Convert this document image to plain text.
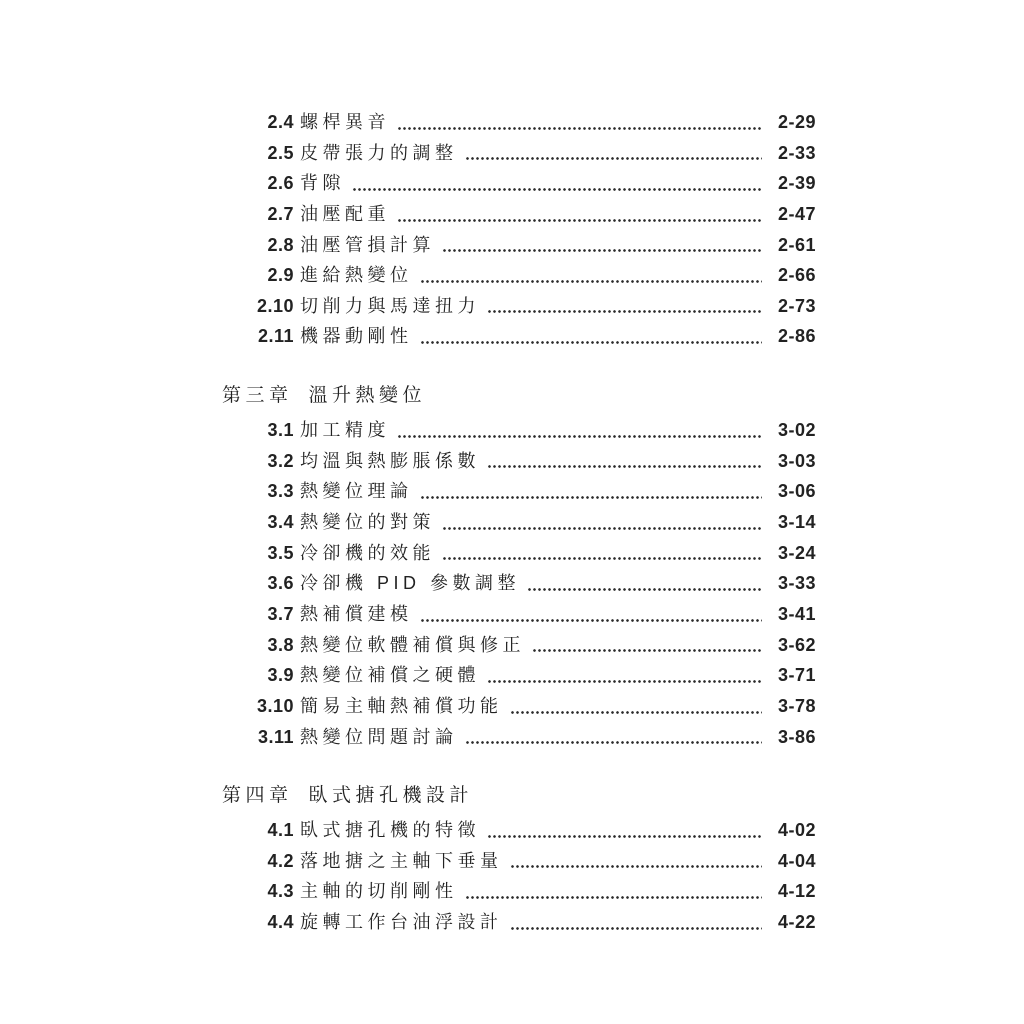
2.4 螺桿異音	2-29
2.5 皮帶張力的調整	2-33
2.6 背隙	2-39
2.7 油壓配重	2-47
2.8 油壓管損計算	2-61
2.9 進給熱變位	2-66
2.10 切削力與馬達扭力	2-73
2.11 機器動剛性	2-86
第三章 溫升熱變位
3.1 加工精度	3-02
3.2 均溫與熱膨脹係數	3-03
3.3 熱變位理論	3-06
3.4 熱變位的對策	3-14
3.5 冷卻機的效能	3-24
3.6 冷卻機 PID 參數調整	3-33
3.7 熱補償建模	3-41
3.8 熱變位軟體補償與修正	3-62
3.9 熱變位補償之硬體	3-71
3.10 簡易主軸熱補償功能	3-78
3.11 熱變位問題討論	3-86
第四章 臥式搪孔機設計
4.1 臥式搪孔機的特徵	4-02
4.2 落地搪之主軸下垂量	4-04
4.3 主軸的切削剛性	4-12
4.4 旋轉工作台油浮設計	4-22
